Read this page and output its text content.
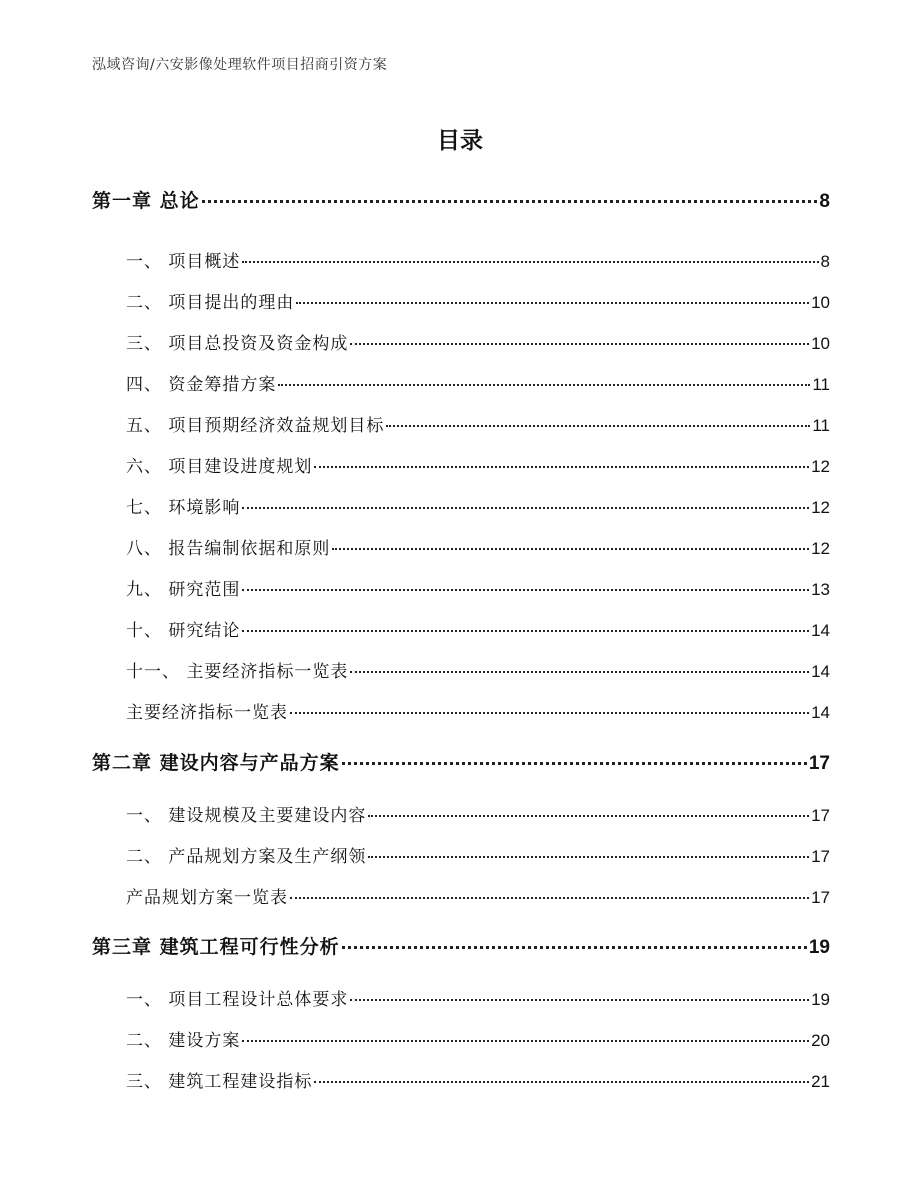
泓域咨询/六安影像处理软件项目招商引资方案
目录
第一章 总论	8
一、 项目概述	8
二、 项目提出的理由	10
三、 项目总投资及资金构成	10
四、 资金筹措方案	11
五、 项目预期经济效益规划目标	11
六、 项目建设进度规划	12
七、 环境影响	12
八、 报告编制依据和原则	12
九、 研究范围	13
十、 研究结论	14
十一、 主要经济指标一览表	14
主要经济指标一览表	14
第二章 建设内容与产品方案	17
一、 建设规模及主要建设内容	17
二、 产品规划方案及生产纲领	17
产品规划方案一览表	17
第三章 建筑工程可行性分析	19
一、 项目工程设计总体要求	19
二、 建设方案	20
三、 建筑工程建设指标	21
